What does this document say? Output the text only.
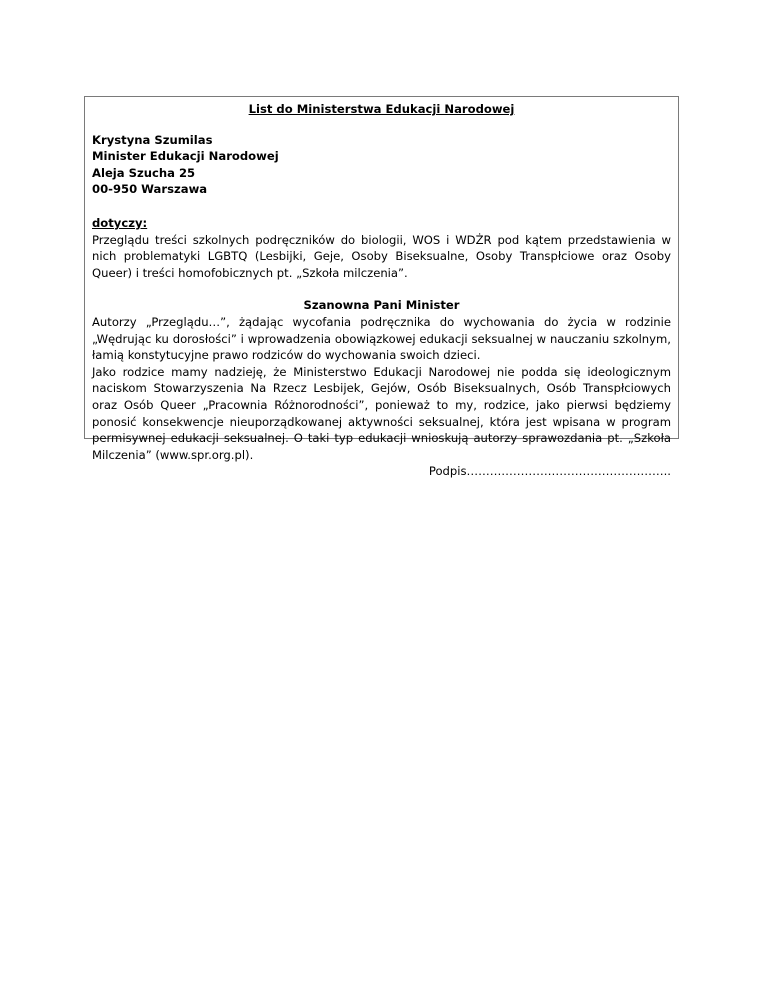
List do Ministerstwa Edukacji Narodowej
Krystyna Szumilas
Minister Edukacji Narodowej
Aleja Szucha 25
00-950 Warszawa
dotyczy:

Przeglądu treści szkolnych podręczników do biologii, WOS i WDŻR pod kątem przedstawienia w nich problematyki LGBTQ (Lesbijki, Geje, Osoby Biseksualne, Osoby Transpłciowe oraz Osoby Queer) i treści homofobicznych pt. „Szkoła milczenia”.

Szanowna Pani Minister

Autorzy „Przeglądu…”, żądając wycofania podręcznika do wychowania do życia w rodzinie „Wędrując ku dorosłości” i wprowadzenia obowiązkowej edukacji seksualnej w nauczaniu szkolnym, łamią konstytucyjne prawo rodziców do wychowania swoich dzieci.

Jako rodzice mamy nadzieję, że Ministerstwo Edukacji Narodowej nie podda się ideologicznym naciskom Stowarzyszenia Na Rzecz Lesbijek, Gejów, Osób Biseksualnych, Osób Transpłciowych oraz Osób Queer „Pracownia Różnorodności”, ponieważ to my, rodzice, jako pierwsi będziemy ponosić konsekwencje nieuporządkowanej aktywności seksualnej, która jest wpisana w program permisywnej edukacji seksualnej. O taki typ edukacji wnioskują autorzy sprawozdania pt. „Szkoła Milczenia” (www.spr.org.pl).

Podpis……………………………………………..
